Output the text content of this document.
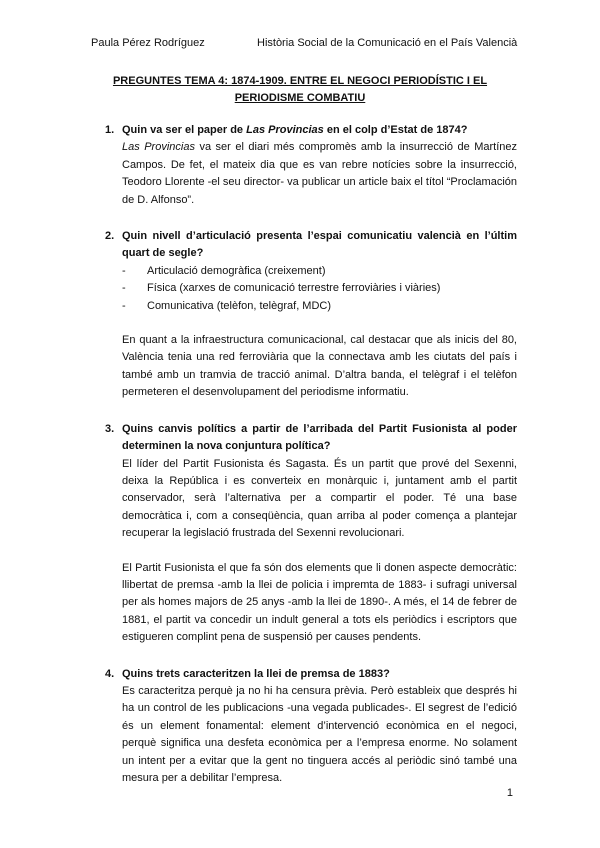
Paula Pérez Rodríguez	Història Social de la Comunicació en el País Valencià
PREGUNTES TEMA 4: 1874-1909. ENTRE EL NEGOCI PERIODÍSTIC I EL PERIODISME COMBATIU
1. Quin va ser el paper de Las Provincias en el colp d’Estat de 1874?

Las Provincias va ser el diari més compromès amb la insurrecció de Martínez Campos. De fet, el mateix dia que es van rebre notícies sobre la insurrecció, Teodoro Llorente -el seu director- va publicar un article baix el títol “Proclamación de D. Alfonso”.

2. Quin nivell d’articulació presenta l’espai comunicatiu valencià en l’últim quart de segle?

- Articulació demogràfica (creixement)
- Física (xarxes de comunicació terrestre ferroviàries i viàries)
- Comunicativa (telèfon, telègraf, MDC)

En quant a la infraestructura comunicacional, cal destacar que als inicis del 80, València tenia una red ferroviària que la connectava amb les ciutats del país i també amb un tramvia de tracció animal. D’altra banda, el telègraf i el telèfon permeteren el desenvolupament del periodisme informatiu.

3. Quins canvis polítics a partir de l’arribada del Partit Fusionista al poder determinen la nova conjuntura política?

El líder del Partit Fusionista és Sagasta. És un partit que prové del Sexenni, deixa la República i es converteix en monàrquic i, juntament amb el partit conservador, serà l’alternativa per a compartir el poder. Té una base democràtica i, com a conseqüència, quan arriba al poder comença a plantejar recuperar la legislació frustrada del Sexenni revolucionari.

El Partit Fusionista el que fa són dos elements que li donen aspecte democràtic: llibertat de premsa -amb la llei de policia i impremta de 1883- i sufragi universal per als homes majors de 25 anys -amb la llei de 1890-. A més, el 14 de febrer de 1881, el partit va concedir un indult general a tots els periòdics i escriptors que estigueren complint pena de suspensió per causes pendents.

4. Quins trets caracteritzen la llei de premsa de 1883?

Es caracteritza perquè ja no hi ha censura prèvia. Però estableix que després hi ha un control de les publicacions -una vegada publicades-. El segrest de l’edició és un element fonamental: element d’intervenció econòmica en el negoci, perquè significa una desfeta econòmica per a l’empresa enorme. No solament un intent per a evitar que la gent no tinguera accés al periòdic sinó també una mesura per a debilitar l’empresa.

1
